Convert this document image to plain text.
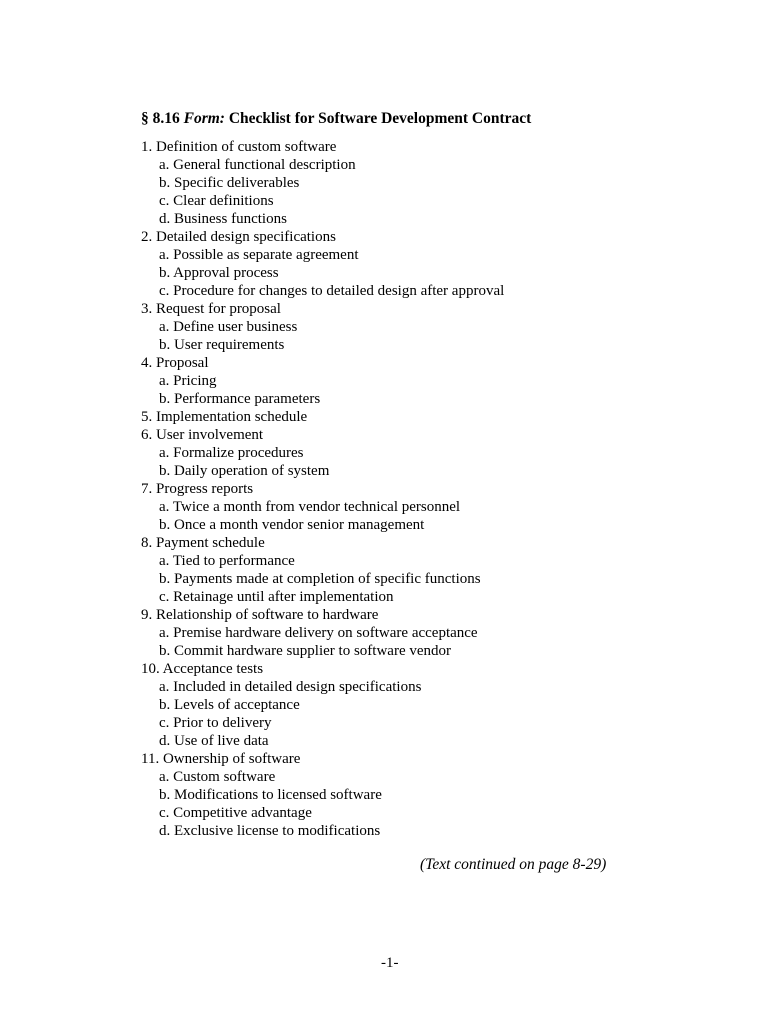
§ 8.16 Form: Checklist for Software Development Contract
1. Definition of custom software
a. General functional description
b. Specific deliverables
c. Clear definitions
d. Business functions
2. Detailed design specifications
a. Possible as separate agreement
b. Approval process
c. Procedure for changes to detailed design after approval
3. Request for proposal
a. Define user business
b. User requirements
4. Proposal
a. Pricing
b. Performance parameters
5. Implementation schedule
6. User involvement
a. Formalize procedures
b. Daily operation of system
7. Progress reports
a. Twice a month from vendor technical personnel
b. Once a month vendor senior management
8. Payment schedule
a. Tied to performance
b. Payments made at completion of specific functions
c. Retainage until after implementation
9. Relationship of software to hardware
a. Premise hardware delivery on software acceptance
b. Commit hardware supplier to software vendor
10. Acceptance tests
a. Included in detailed design specifications
b. Levels of acceptance
c. Prior to delivery
d. Use of live data
11. Ownership of software
a. Custom software
b. Modifications to licensed software
c. Competitive advantage
d. Exclusive license to modifications
(Text continued on page 8-29)
-1-
